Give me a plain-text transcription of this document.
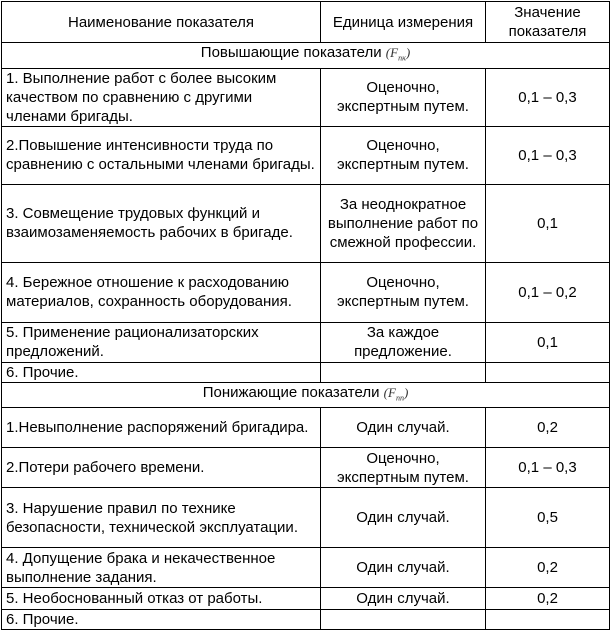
Наименование показателя	Единица измерения	Значение показателя
Повышающие показатели $(F_{пк})$		
1. Выполнение работ с более высоким качеством по сравнению с другими членами бригады.	Оценочно, экспертным путем.	0,1 – 0,3
2.Повышение интенсивности труда по сравнению с остальными членами бригады.	Оценочно, экспертным путем.	0,1 – 0,3
3. Совмещение трудовых функций и взаимозаменяемость рабочих в бригаде.	За неоднократное выполнение работ по смежной профессии.	0,1
4. Бережное отношение к расходованию материалов, сохранность оборудования.	Оценочно, экспертным путем.	0,1 – 0,2
5. Применение рационализаторских предложений.	За каждое предложение.	0,1
6. Прочие.		
Понижающие показатели $(F_{пп})$		
1.Невыполнение распоряжений бригадира.	Один случай.	0,2
2.Потери рабочего времени.	Оценочно, экспертным путем.	0,1 – 0,3
3. Нарушение правил по технике безопасности, технической эксплуатации.	Один случай.	0,5
4. Допущение брака и некачественное выполнение задания.	Один случай.	0,2
5. Необоснованный отказ от работы.	Один случай.	0,2
6. Прочие.		
